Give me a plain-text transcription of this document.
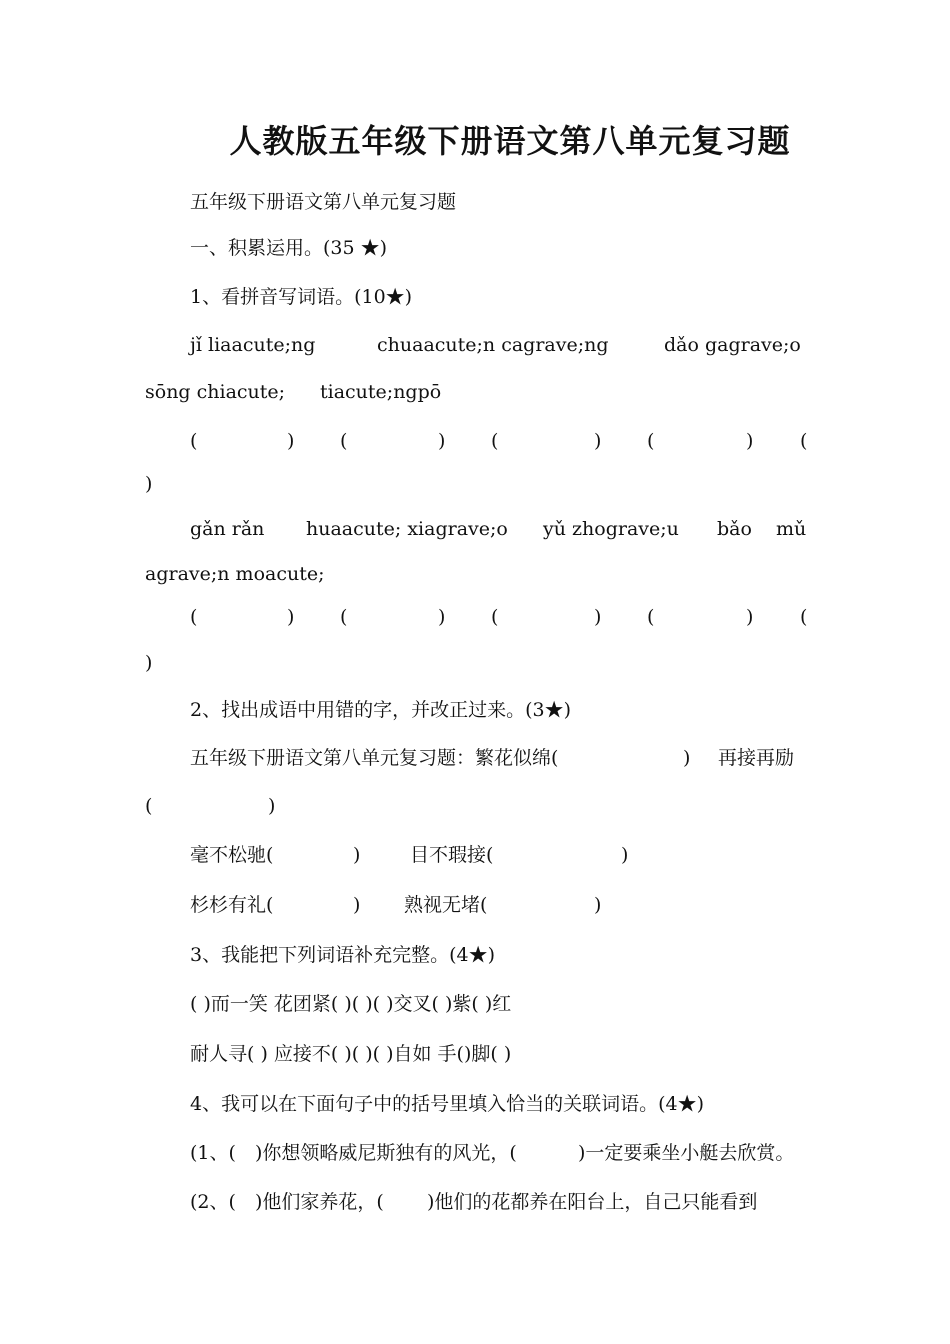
人教版五年级下册语文第八单元复习题
五年级下册语文第八单元复习题
一、积累运用。(35 ★)
1、看拼音写词语。(10★)
jǐ liaacute;ng	chuaacute;n cagrave;ng	dǎo gagrave;o
sōng chiacute; tiacute;ngpō
(	) (	) (	) (	) (
)
gǎn rǎn huaacute; xiagrave;o yǔ zhograve;u bǎo mǔ
agrave;n moacute;
(	) (	) (	) (	) (
)
2、找出成语中用错的字，并改正过来。(3★)
五年级下册语文第八单元复习题：繁花似绵(	) 再接再励
(	)
毫不松驰(	)	目不瑕接(	)
杉杉有礼(	) 熟视无堵(	)
3、我能把下列词语补充完整。(4★)
( )而一笑 花团紧( )( )( )交叉( )紫( )红
耐人寻( ) 应接不( )( )( )自如 手()脚( )
4、我可以在下面句子中的括号里填入恰当的关联词语。(4★)
(1、( )你想领略威尼斯独有的风光，(	)一定要乘坐小艇去欣赏。
(2、( )他们家养花，( )他们的花都养在阳台上，自己只能看到
